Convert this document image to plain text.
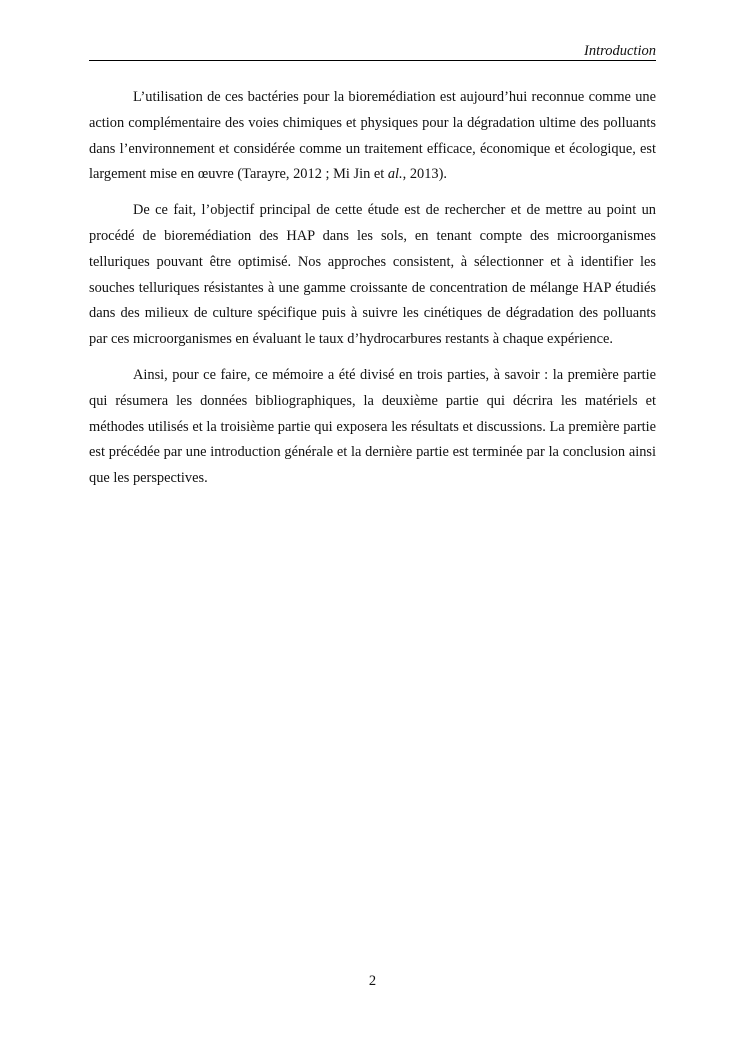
Introduction

L’utilisation de ces bactéries pour la bioremédiation est aujourd’hui reconnue comme une action complémentaire des voies chimiques et physiques pour la dégradation ultime des polluants dans l’environnement et considérée comme un traitement efficace, économique et écologique, est largement mise en œuvre (Tarayre, 2012 ; Mi Jin et al., 2013).

De ce fait, l’objectif principal de cette étude est de rechercher et de mettre au point un procédé de bioremédiation des HAP dans les sols, en tenant compte des microorganismes telluriques pouvant être optimisé. Nos approches consistent, à sélectionner et à identifier les souches telluriques résistantes à une gamme croissante de concentration de mélange HAP étudiés dans des milieux de culture spécifique puis à suivre les cinétiques de dégradation des polluants par ces microorganismes en évaluant le taux d’hydrocarbures restants à chaque expérience.

Ainsi, pour ce faire, ce mémoire a été divisé en trois parties, à savoir : la première partie qui résumera les données bibliographiques, la deuxième partie qui décrira les matériels et méthodes utilisés et la troisième partie qui exposera les résultats et discussions. La première partie est précédée par une introduction générale et la dernière partie est terminée par la conclusion ainsi que les perspectives.

2
